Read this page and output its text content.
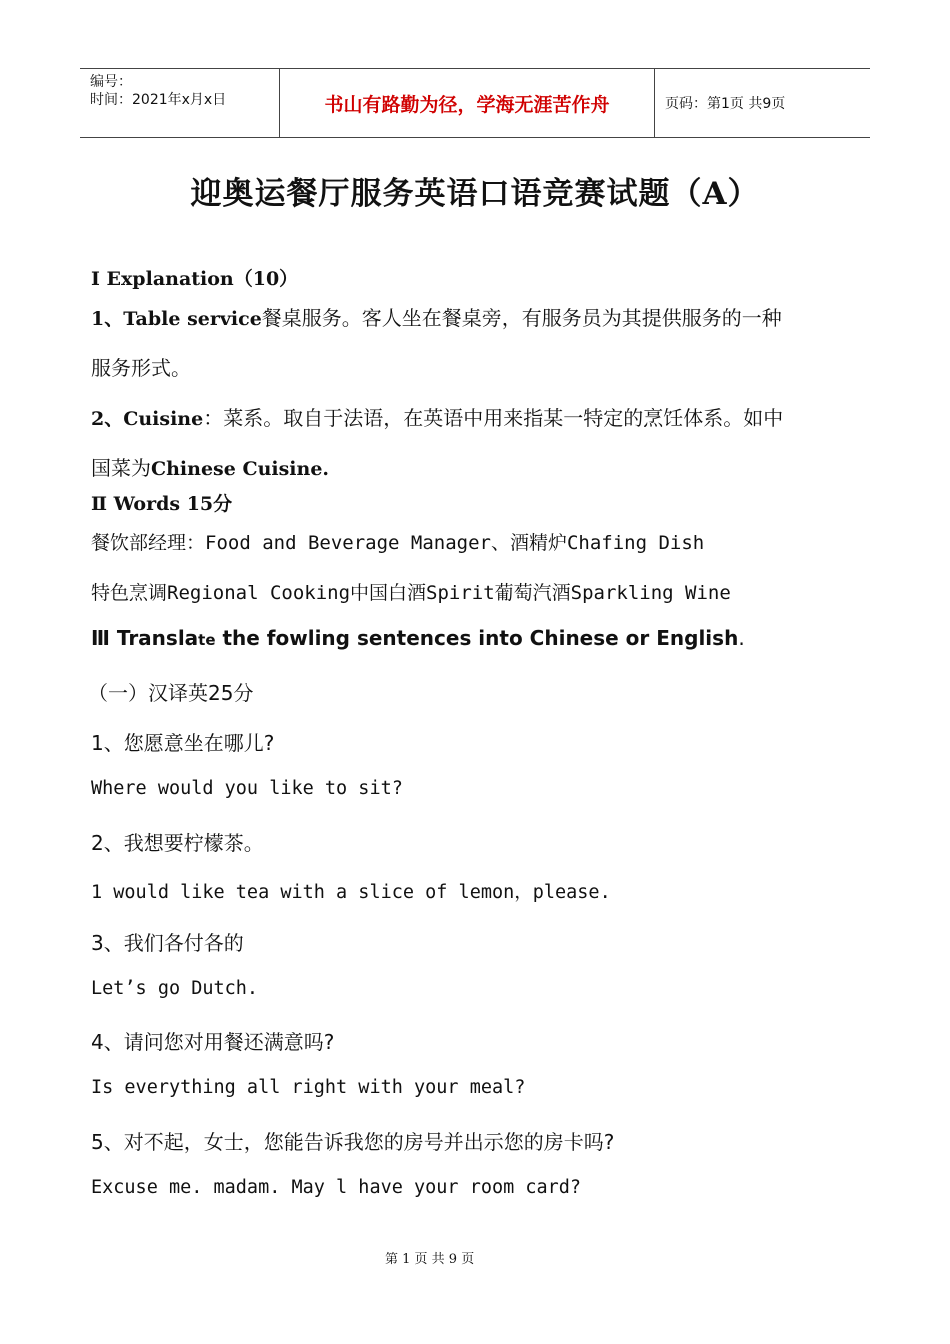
编号：
时间：2021年x月x日	书山有路勤为径，学海无涯苦作舟	页码：第1页 共9页
迎奥运餐厅服务英语口语竞赛试题（A）
I Explanation（10）
1、Table service餐桌服务。客人坐在餐桌旁，有服务员为其提供服务的一种
服务形式。
2、Cuisine：菜系。取自于法语，在英语中用来指某一特定的烹饪体系。如中
国菜为Chinese Cuisine.
Ⅱ Words 15分
餐饮部经理：Food and Beverage Manager、酒精炉Chafing Dish
特色烹调Regional Cooking中国白酒Spirit葡萄汽酒Sparkling Wine
Ⅲ Translate the fowling sentences into Chinese or English.
（一）汉译英25分
1、您愿意坐在哪儿?
Where would you like to sit?
2、我想要柠檬茶。
1 would like tea with a slice of lemon，please.
3、我们各付各的
Let’s go Dutch.
4、请问您对用餐还满意吗?
Is everything all right with your meal?
5、对不起，女士，您能告诉我您的房号并出示您的房卡吗?
Excuse me. madam. May l have your room card?
第 1 页 共 9 页
